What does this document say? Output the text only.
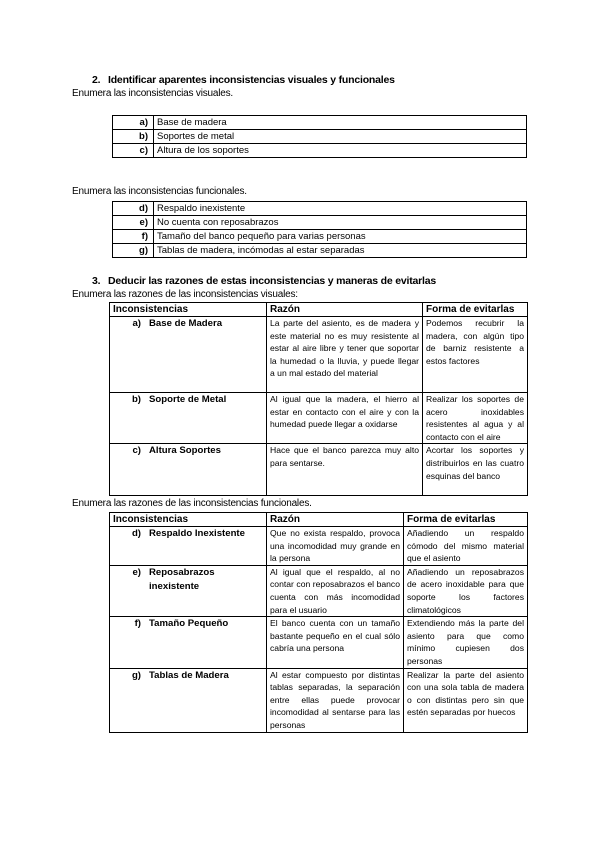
2. Identificar aparentes inconsistencias visuales y funcionales
Enumera las inconsistencias visuales.
a)	Base de madera
b)	Soportes de metal
c)	Altura de los soportes
Enumera las inconsistencias funcionales.
d)	Respaldo inexistente
e)	No cuenta con reposabrazos
f)	Tamaño del banco pequeño para varias personas
g)	Tablas de madera, incómodas al estar separadas
3. Deducir las razones de estas inconsistencias y maneras de evitarlas
Enumera las razones de las inconsistencias visuales:
Inconsistencias	Razón	Forma de evitarlas
a) Base de Madera	La parte del asiento, es de madera y este material no es muy resistente al estar al aire libre y tener que soportar la humedad o la lluvia, y puede llegar a un mal estado del material	Podemos recubrir la madera, con algún tipo de barniz resistente a estos factores
b) Soporte de Metal	Al igual que la madera, el hierro al estar en contacto con el aire y con la humedad puede llegar a oxidarse	Realizar los soportes de acero inoxidables resistentes al agua y al contacto con el aire
c) Altura Soportes	Hace que el banco parezca muy alto para sentarse.	Acortar los soportes y distribuirlos en las cuatro esquinas del banco
Enumera las razones de las inconsistencias funcionales.
Inconsistencias	Razón	Forma de evitarlas
d) Respaldo Inexistente	Que no exista respaldo, provoca una incomodidad muy grande en la persona	Añadiendo un respaldo cómodo del mismo material que el asiento
e) Reposabrazos inexistente	Al igual que el respaldo, al no contar con reposabrazos el banco cuenta con más incomodidad para el usuario	Añadiendo un reposabrazos de acero inoxidable para que soporte los factores climatológicos
f) Tamaño Pequeño	El banco cuenta con un tamaño bastante pequeño en el cual sólo cabría una persona	Extendiendo más la parte del asiento para que como mínimo cupiesen dos personas
g) Tablas de Madera	Al estar compuesto por distintas tablas separadas, la separación entre ellas puede provocar incomodidad al sentarse para las personas	Realizar la parte del asiento con una sola tabla de madera o con distintas pero sin que estén separadas por huecos
